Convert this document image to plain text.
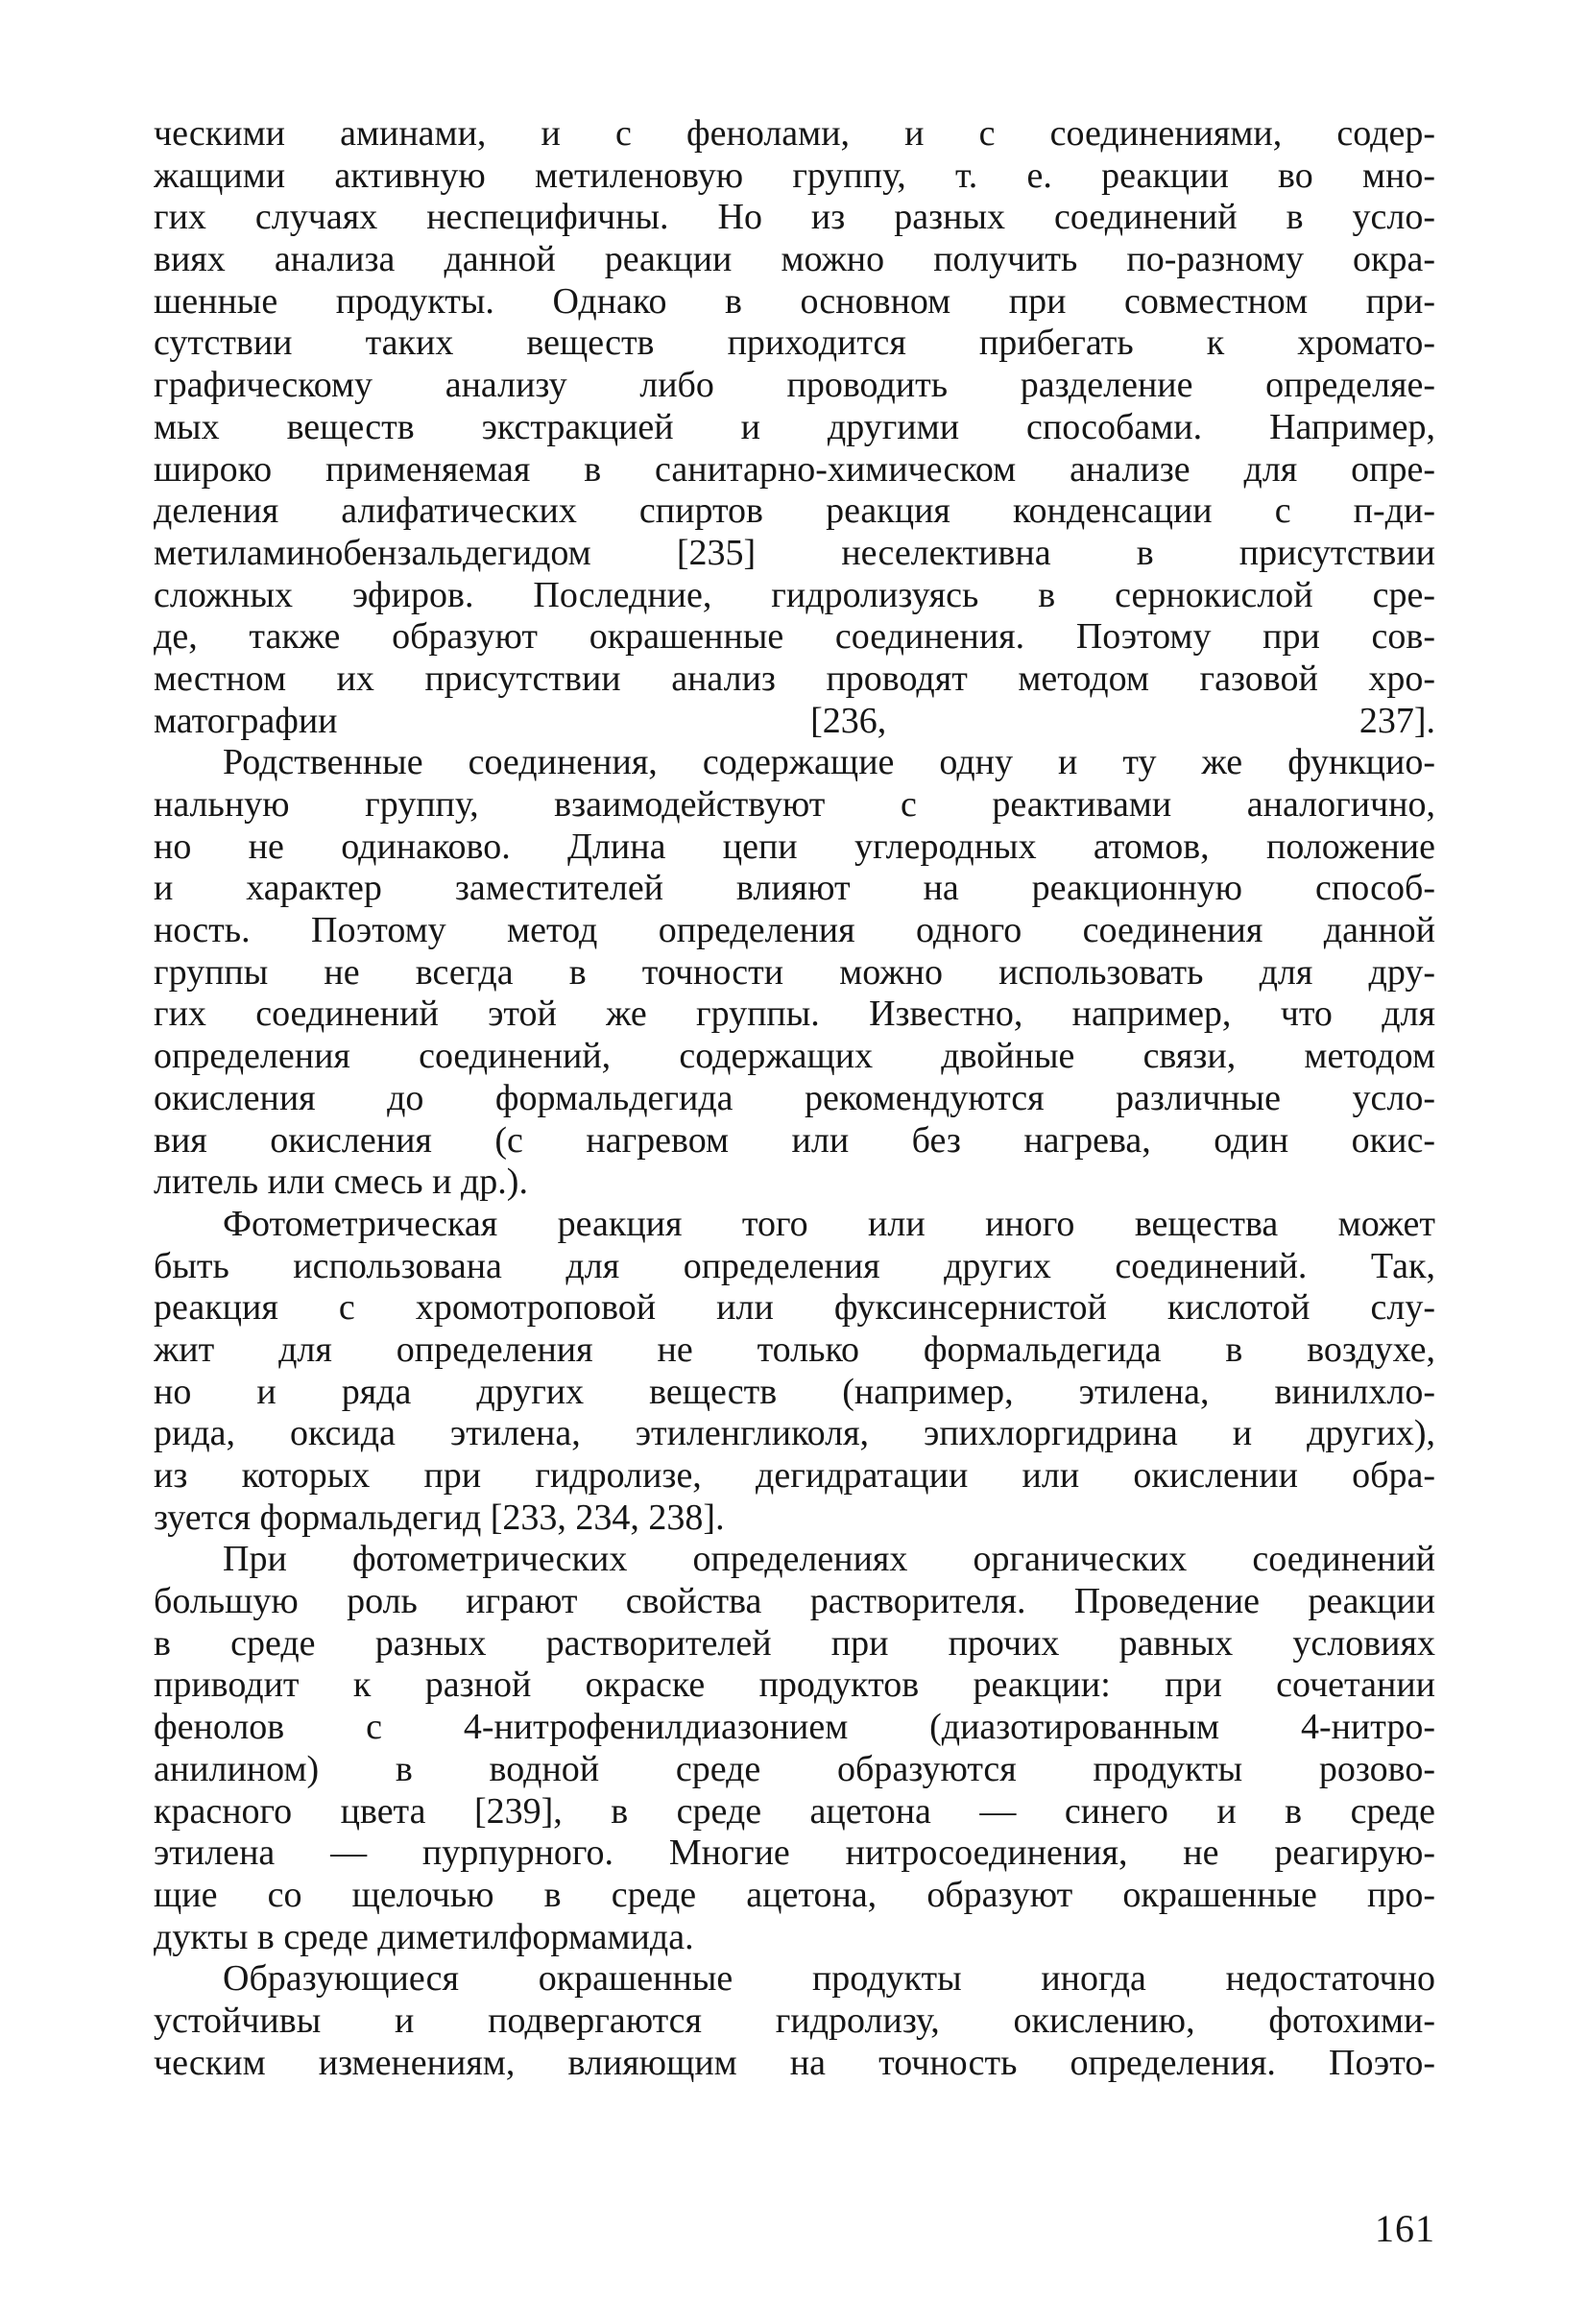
ческими аминами, и с фенолами, и с соединениями, содер-
жащими активную метиленовую группу, т. е. реакции во мно-
гих случаях неспецифичны. Но из разных соединений в усло-
виях анализа данной реакции можно получить по-разному окра-
шенные продукты. Однако в основном при совместном при-
сутствии таких веществ приходится прибегать к хромато-
графическому анализу либо проводить разделение определяе-
мых веществ экстракцией и другими способами. Например,
широко применяемая в санитарно-химическом анализе для опре-
деления алифатических спиртов реакция конденсации с п-ди-
метиламинобензальдегидом [235] неселективна в присутствии
сложных эфиров. Последние, гидролизуясь в сернокислой сре-
де, также образуют окрашенные соединения. Поэтому при сов-
местном их присутствии анализ проводят методом газовой хро-
матографии [236, 237].
Родственные соединения, содержащие одну и ту же функцио-
нальную группу, взаимодействуют с реактивами аналогично,
но не одинаково. Длина цепи углеродных атомов, положение
и характер заместителей влияют на реакционную способ-
ность. Поэтому метод определения одного соединения данной
группы не всегда в точности можно использовать для дру-
гих соединений этой же группы. Известно, например, что для
определения соединений, содержащих двойные связи, методом
окисления до формальдегида рекомендуются различные усло-
вия окисления (с нагревом или без нагрева, один окис-
литель или смесь и др.).
Фотометрическая реакция того или иного вещества может
быть использована для определения других соединений. Так,
реакция с хромотроповой или фуксинсернистой кислотой слу-
жит для определения не только формальдегида в воздухе,
но и ряда других веществ (например, этилена, винилхло-
рида, оксида этилена, этиленгликоля, эпихлоргидрина и других),
из которых при гидролизе, дегидратации или окислении обра-
зуется формальдегид [233, 234, 238].
При фотометрических определениях органических соединений
большую роль играют свойства растворителя. Проведение реакции
в среде разных растворителей при прочих равных условиях
приводит к разной окраске продуктов реакции: при сочетании
фенолов с 4-нитрофенилдиазонием (диазотированным 4-нитро-
анилином) в водной среде образуются продукты розово-
красного цвета [239], в среде ацетона — синего и в среде
этилена — пурпурного. Многие нитросоединения, не реагирую-
щие со щелочью в среде ацетона, образуют окрашенные про-
дукты в среде диметилформамида.
Образующиеся окрашенные продукты иногда недостаточно
устойчивы и подвергаются гидролизу, окислению, фотохими-
ческим изменениям, влияющим на точность определения. Поэто-
161
